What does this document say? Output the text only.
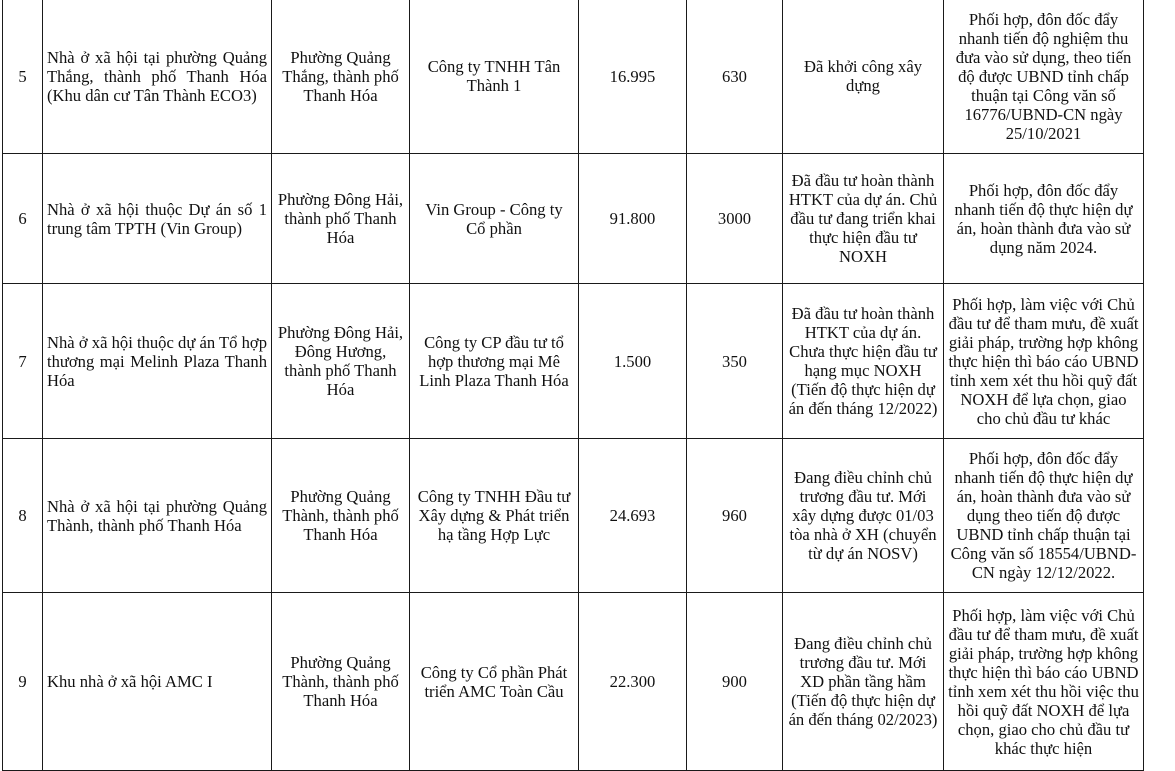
5	Nhà ở xã hội tại phường Quảng Thắng, thành phố Thanh Hóa (Khu dân cư Tân Thành ECO3)	Phường Quảng Thắng, thành phố Thanh Hóa	Công ty TNHH Tân Thành 1	16.995	630	Đã khởi công xây dựng	Phối hợp, đôn đốc đẩy nhanh tiến độ nghiệm thu đưa vào sử dụng, theo tiến độ được UBND tỉnh chấp thuận tại Công văn số 16776/UBND-CN ngày 25/10/2021
6	Nhà ở xã hội thuộc Dự án số 1 trung tâm TPTH (Vin Group)	Phường Đông Hải, thành phố Thanh Hóa	Vin Group - Công ty Cổ phần	91.800	3000	Đã đầu tư hoàn thành HTKT của dự án. Chủ đầu tư đang triển khai thực hiện đầu tư NOXH	Phối hợp, đôn đốc đẩy nhanh tiến độ thực hiện dự án, hoàn thành đưa vào sử dụng năm 2024.
7	Nhà ở xã hội thuộc dự án Tổ hợp thương mại Melinh Plaza Thanh Hóa	Phường Đông Hải, Đông Hương, thành phố Thanh Hóa	Công ty CP đầu tư tổ hợp thương mại Mê Linh Plaza Thanh Hóa	1.500	350	Đã đầu tư hoàn thành HTKT của dự án. Chưa thực hiện đầu tư hạng mục NOXH (Tiến độ thực hiện dự án đến tháng 12/2022)	Phối hợp, làm việc với Chủ đầu tư để tham mưu, đề xuất giải pháp, trường hợp không thực hiện thì báo cáo UBND tỉnh xem xét thu hồi quỹ đất NOXH để lựa chọn, giao cho chủ đầu tư khác
8	Nhà ở xã hội tại phường Quảng Thành, thành phố Thanh Hóa	Phường Quảng Thành, thành phố Thanh Hóa	Công ty TNHH Đầu tư Xây dựng & Phát triển hạ tầng Hợp Lực	24.693	960	Đang điều chỉnh chủ trương đầu tư. Mới xây dựng được 01/03 tòa nhà ở XH (chuyển từ dự án NOSV)	Phối hợp, đôn đốc đẩy nhanh tiến độ thực hiện dự án, hoàn thành đưa vào sử dụng theo tiến độ được UBND tỉnh chấp thuận tại Công văn số 18554/UBND-CN ngày 12/12/2022.
9	Khu nhà ở xã hội AMC I	Phường Quảng Thành, thành phố Thanh Hóa	Công ty Cổ phần Phát triển AMC Toàn Cầu	22.300	900	Đang điều chỉnh chủ trương đầu tư. Mới XD phần tầng hầm (Tiến độ thực hiện dự án đến tháng 02/2023)	Phối hợp, làm việc với Chủ đầu tư để tham mưu, đề xuất giải pháp, trường hợp không thực hiện thì báo cáo UBND tỉnh xem xét thu hồi việc thu hồi quỹ đất NOXH để lựa chọn, giao cho chủ đầu tư khác thực hiện
